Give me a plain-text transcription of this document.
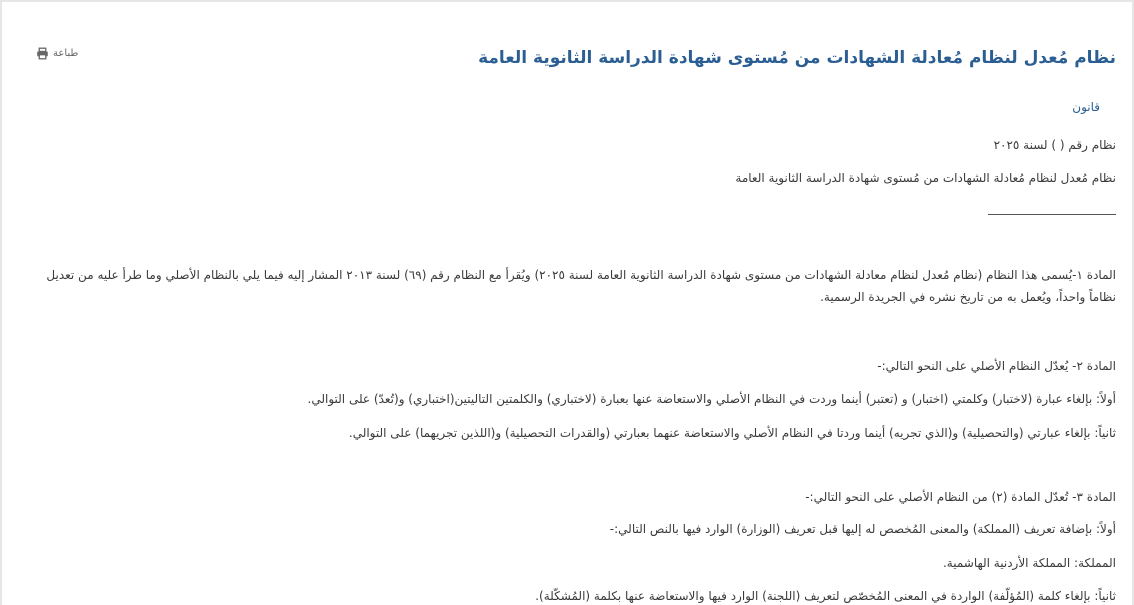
نظام مُعدل لنظام مُعادلة الشهادات من مُستوى شهادة الدراسة الثانوية العامة
طباعة
قانون

نظام رقم ( ) لسنة ٢٠٢٥

نظام مُعدل لنظام مُعادلة الشهادات من مُستوى شهادة الدراسة الثانوية العامة

المادة ١-يُسمى هذا النظام (نظام مُعدل لنظام معادلة الشهادات من مستوى شهادة الدراسة الثانوية العامة لسنة ٢٠٢٥) ويُقرأ مع النظام رقم (٦٩) لسنة ٢٠١٣ المشار إليه فيما يلي بالنظام الأصلي وما طرأ عليه من تعديل نظاماً واحداً، ويُعمل به من تاريخ نشره في الجريدة الرسمية.

المادة ٢- يُعدّل النظام الأصلي على النحو التالي:-

أولاً: بإلغاء عبارة (لاختبار) وكلمتي (اختبار) و (تعتبر) أينما وردت في النظام الأصلي والاستعاضة عنها بعبارة (لاختباري) والكلمتين التاليتين(اختباري) و(تُعدّ) على التوالي.

ثانياً: بإلغاء عبارتي (والتحصيلية) و(الذي تجريه) أينما وردتا في النظام الأصلي والاستعاضة عنهما بعبارتي (والقدرات التحصيلية) و(اللذين تجريهما) على التوالي.

المادة ٣- تُعدّل المادة (٢) من النظام الأصلي على النحو التالي:-

أولاً: بإضافة تعريف (المملكة) والمعنى المُخصص له إليها قبل تعريف (الوزارة) الوارد فيها بالنص التالي:-

المملكة: المملكة الأردنية الهاشمية.

ثانياً: بإلغاء كلمة (المُؤلّفة) الواردة في المعنى المُخصّص لتعريف (اللجنة) الوارد فيها والاستعاضة عنها بكلمة (المُشكّلة).
